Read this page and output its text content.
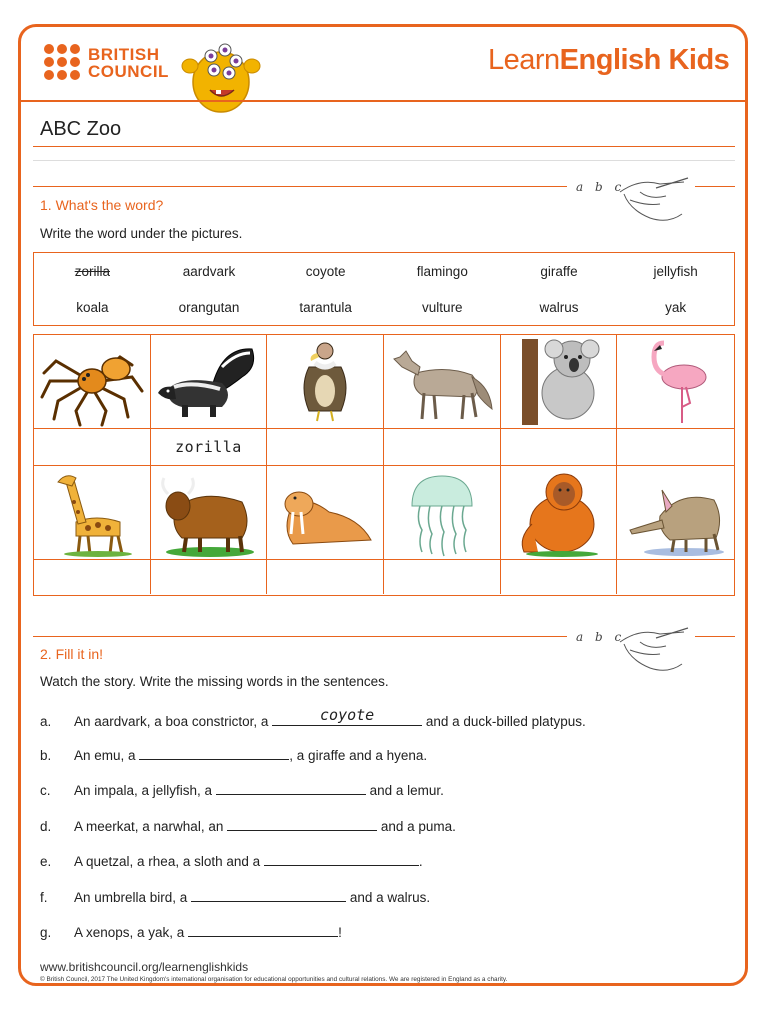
BRITISH
COUNCIL	LearnEnglish Kids
ABC Zoo
a b c
1. What's the word?
Write the word under the pictures.
zorilla	aardvark	coyote	flamingo	giraffe	jellyfish
koala	orangutan	tarantula	vulture	walrus	yak
zorilla
a b c
2. Fill it in!
Watch the story. Write the missing words in the sentences.
a. An aardvark, a boa constrictor, a	coyote	and a duck-billed platypus.
b. An emu, a	, a giraffe and a hyena.
c. An impala, a jellyfish, a	and a lemur.
d. A meerkat, a narwhal, an	and a puma.
e. A quetzal, a rhea, a sloth and a	.
f. An umbrella bird, a	and a walrus.
g. A xenops, a yak, a	!
www.britishcouncil.org/learnenglishkids
© British Council, 2017 The United Kingdom's international organisation for educational opportunities and cultural relations. We are registered in England as a charity.
